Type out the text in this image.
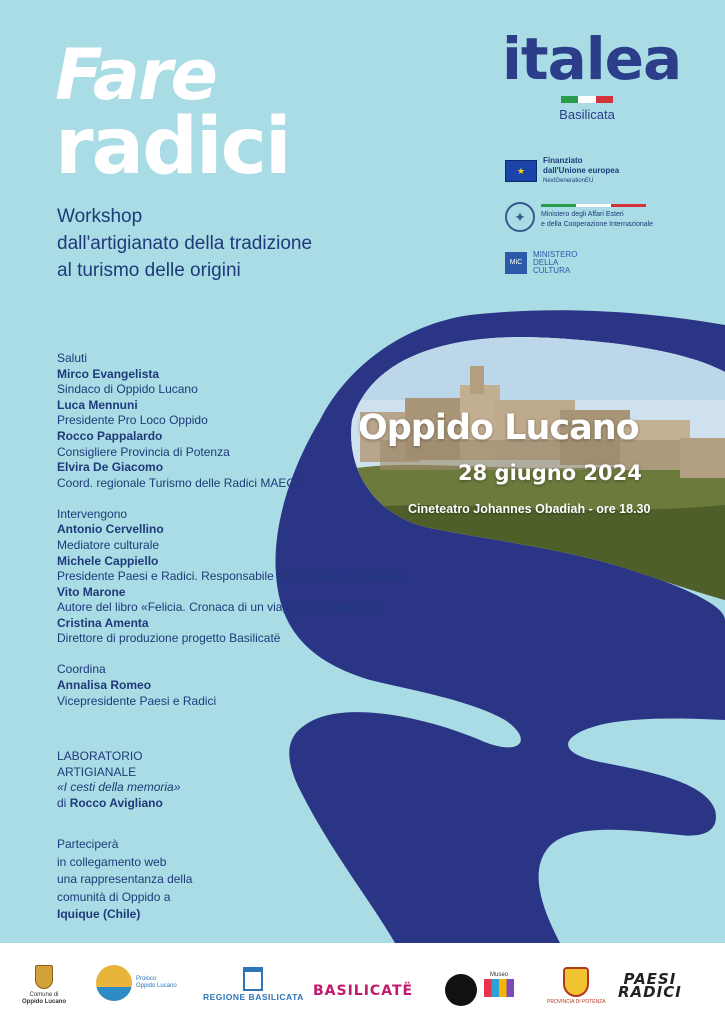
Fare
radici
Workshop
dall'artigianato della tradizione
al turismo delle origini
italea
Basilicata
★
Finanziato
dall'Unione europea
NextGenerationEU
✦	Ministero degli Affari Esteri
e della Cooperazione Internazionale
MiC
MINISTERO
DELLA
CULTURA
Oppido Lucano
28 giugno 2024
Cineteatro Johannes Obadiah - ore 18.30
Saluti
Mirco Evangelista
Sindaco di Oppido Lucano
Luca Mennuni
Presidente Pro Loco Oppido
Rocco Pappalardo
Consigliere Provincia di Potenza
Elvira De Giacomo
Coord. regionale Turismo delle Radici MAECI
Intervengono
Antonio Cervellino
Mediatore culturale
Michele Cappiello
Presidente Paesi e Radici. Responsabile gruppo Italea Basilicata
Vito Marone
Autore del libro «Felicia. Cronaca di un viaggio straordinario»
Cristina Amenta
Direttore di produzione progetto Basilicatë
Coordina
Annalisa Romeo
Vicepresidente Paesi e Radici
LABORATORIO
ARTIGIANALE
«I cesti della memoria»
di Rocco Avigliano
Parteciperà
in collegamento web
una rappresentanza della
comunità di Oppido a
Iquique (Chile)
Comune di
Oppido Lucano
Proloco
Oppido Lucano
REGIONE BASILICATA BASILICATË
Museo
PROVINCIA DI POTENZA
PAESI
RADICI
